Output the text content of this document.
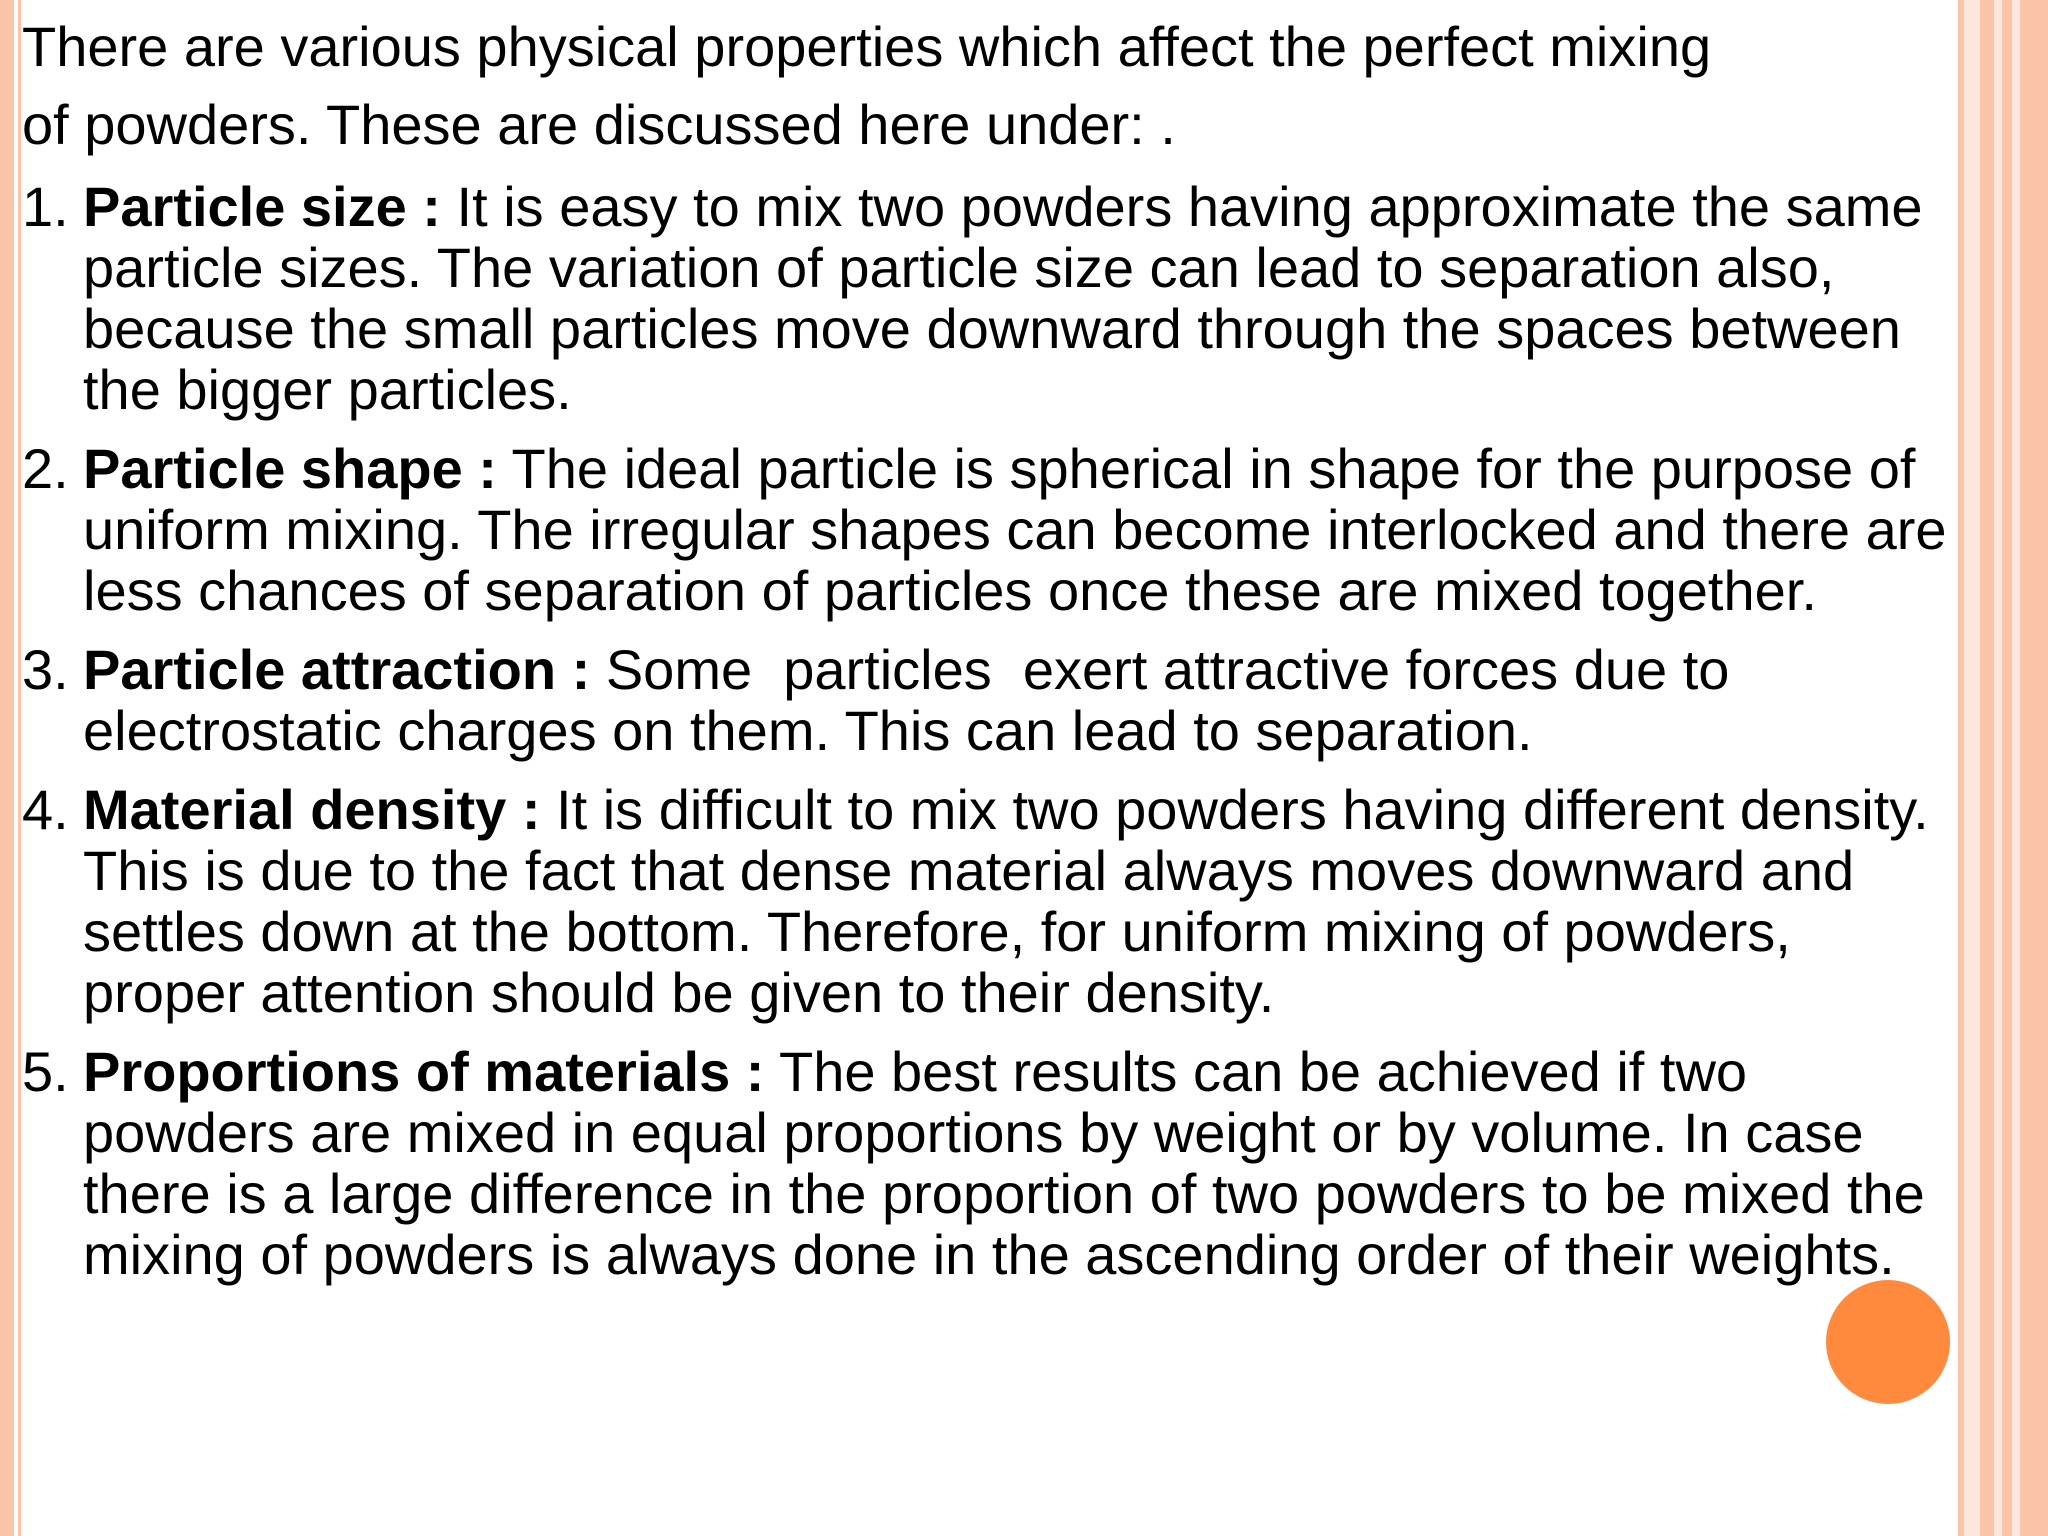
There are various physical properties which affect the perfect mixing
of powders. These are discussed here under: .

1. Particle size : It is easy to mix two powders having approximate the same particle sizes. The variation of particle size can lead to separation also, because the small particles move downward through the spaces between the bigger particles.
2. Particle shape : The ideal particle is spherical in shape for the purpose of uniform mixing. The irregular shapes can become interlocked and there are less chances of separation of particles once these are mixed together.
3. Particle attraction : Some  particles  exert attractive forces due to electrostatic charges on them. This can lead to separation.
4. Material density : It is difficult to mix two powders having different density. This is due to the fact that dense material always moves downward and settles down at the bottom. Therefore, for uniform mixing of powders, proper attention should be given to their density.
5. Proportions of materials : The best results can be achieved if two powders are mixed in equal proportions by weight or by volume. In case there is a large difference in the proportion of two powders to be mixed the mixing of powders is always done in the ascending order of their weights.
